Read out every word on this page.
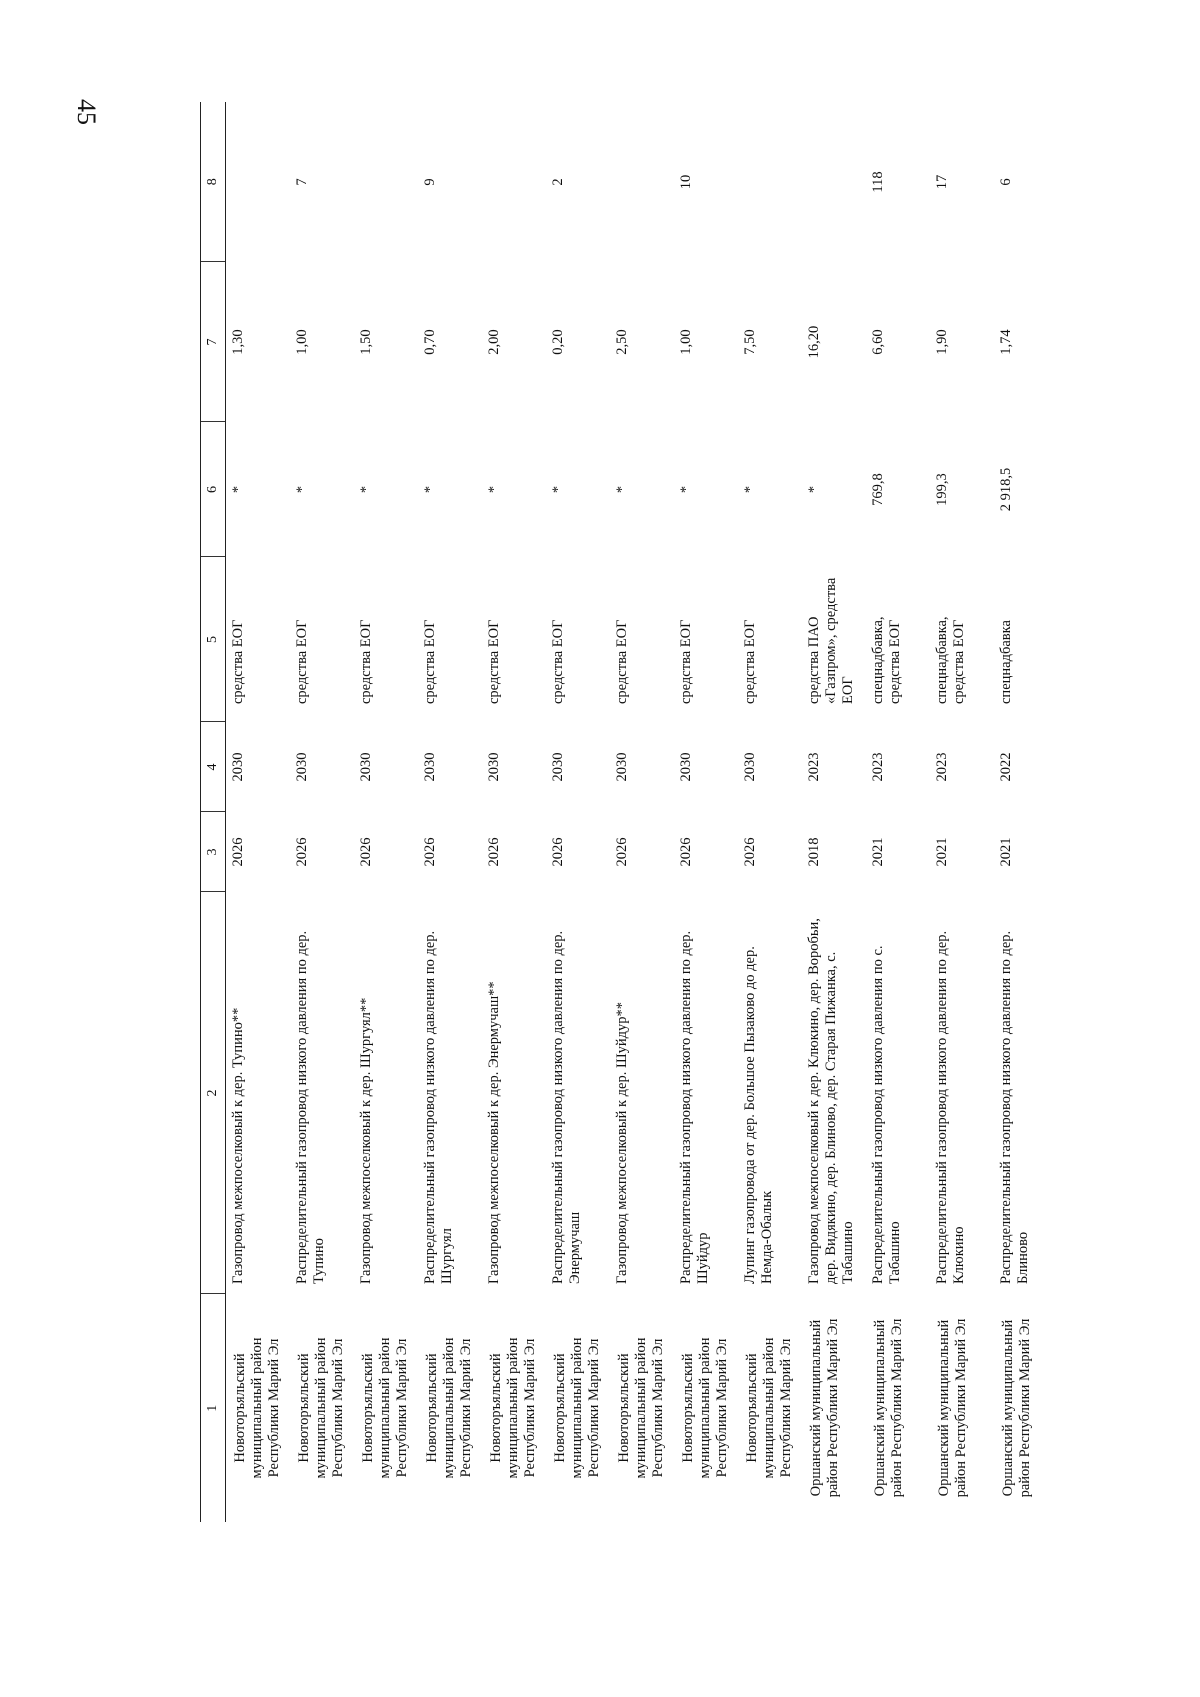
45
1	2	3	4	5	6	7	8
Новоторъяльский муниципальный район Республики Марий Эл	Газопровод межпоселковый к дер. Тупино**	2026	2030	средства ЕОГ	*	1,30	
Новоторъяльский муниципальный район Республики Марий Эл	Распределительный газопровод низкого давления по дер. Тупино	2026	2030	средства ЕОГ	*	1,00	7
Новоторъяльский муниципальный район Республики Марий Эл	Газопровод межпоселковый к дер. Шургуял**	2026	2030	средства ЕОГ	*	1,50	
Новоторъяльский муниципальный район Республики Марий Эл	Распределительный газопровод низкого давления по дер. Шургуял	2026	2030	средства ЕОГ	*	0,70	9
Новоторъяльский муниципальный район Республики Марий Эл	Газопровод межпоселковый к дер. Энермучаш**	2026	2030	средства ЕОГ	*	2,00	
Новоторъяльский муниципальный район Республики Марий Эл	Распределительный газопровод низкого давления по дер. Энермучаш	2026	2030	средства ЕОГ	*	0,20	2
Новоторъяльский муниципальный район Республики Марий Эл	Газопровод межпоселковый к дер. Шуйдур**	2026	2030	средства ЕОГ	*	2,50	
Новоторъяльский муниципальный район Республики Марий Эл	Распределительный газопровод низкого давления по дер. Шуйдур	2026	2030	средства ЕОГ	*	1,00	10
Новоторъяльский муниципальный район Республики Марий Эл	Лупинг газопровода от дер. Большое Пызаково до дер. Немда-Обалык	2026	2030	средства ЕОГ	*	7,50	
Оршанский муниципальный район Республики Марий Эл	Газопровод межпоселковый к дер. Клюкино, дер. Воробьи, дер. Видякино, дер. Блиново, дер. Старая Пижанка, с. Табашино	2018	2023	средства ПАО «Газпром», средства ЕОГ	*	16,20	
Оршанский муниципальный район Республики Марий Эл	Распределительный газопровод низкого давления по с. Табашино	2021	2023	спецнадбавка, средства ЕОГ	769,8	6,60	118
Оршанский муниципальный район Республики Марий Эл	Распределительный газопровод низкого давления по дер. Клюкино	2021	2023	спецнадбавка, средства ЕОГ	199,3	1,90	17
Оршанский муниципальный район Республики Марий Эл	Распределительный газопровод низкого давления по дер. Блиново	2021	2022	спецнадбавка	2 918,5	1,74	6
